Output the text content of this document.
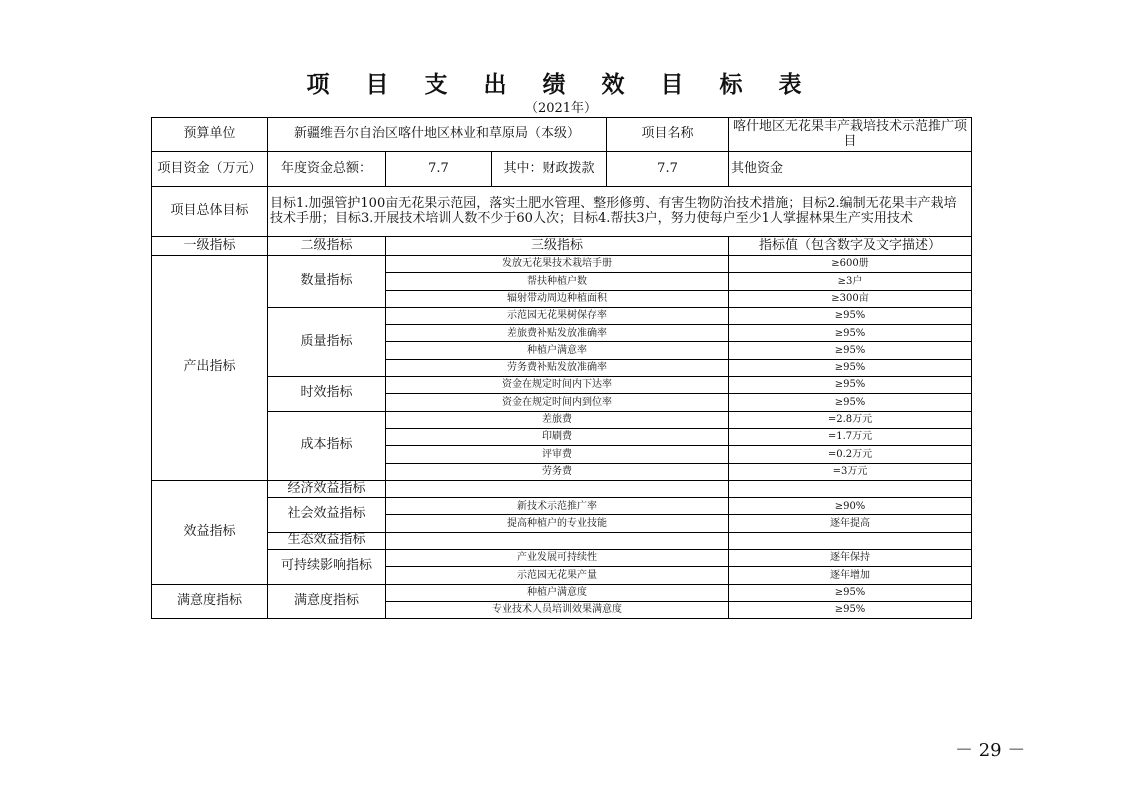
项 目 支 出 绩 效 目 标 表
（2021年）
预算单位	新疆维吾尔自治区喀什地区林业和草原局（本级）			项目名称	喀什地区无花果丰产栽培技术示范推广项目
项目资金（万元）	年度资金总额：	7.7	其中：财政拨款	7.7	其他资金
项目总体目标	目标1.加强管护100亩无花果示范园，落实土肥水管理、整形修剪、有害生物防治技术措施；目标2.编制无花果丰产栽培技术手册；目标3.开展技术培训人数不少于60人次；目标4.帮扶3户，努力使每户至少1人掌握林果生产实用技术				
一级指标	二级指标	三级指标			指标值（包含数字及文字描述）
产出指标	数量指标	发放无花果技术栽培手册			≥600册
		帮扶种植户数			≥3户
		辐射带动周边种植面积			≥300亩
	质量指标	示范园无花果树保存率			≥95%
		差旅费补贴发放准确率			≥95%
		种植户满意率			≥95%
		劳务费补贴发放准确率			≥95%
	时效指标	资金在规定时间内下达率			≥95%
		资金在规定时间内到位率			≥95%
	成本指标	差旅费			=2.8万元
		印刷费			=1.7万元
		评审费			=0.2万元
		劳务费			=3万元
效益指标	经济效益指标				
	社会效益指标	新技术示范推广率			≥90%
		提高种植户的专业技能			逐年提高
	生态效益指标				
	可持续影响指标	产业发展可持续性			逐年保持
		示范园无花果产量			逐年增加
满意度指标	满意度指标	种植户满意度			≥95%
		专业技术人员培训效果满意度			≥95%
－ 29 －
